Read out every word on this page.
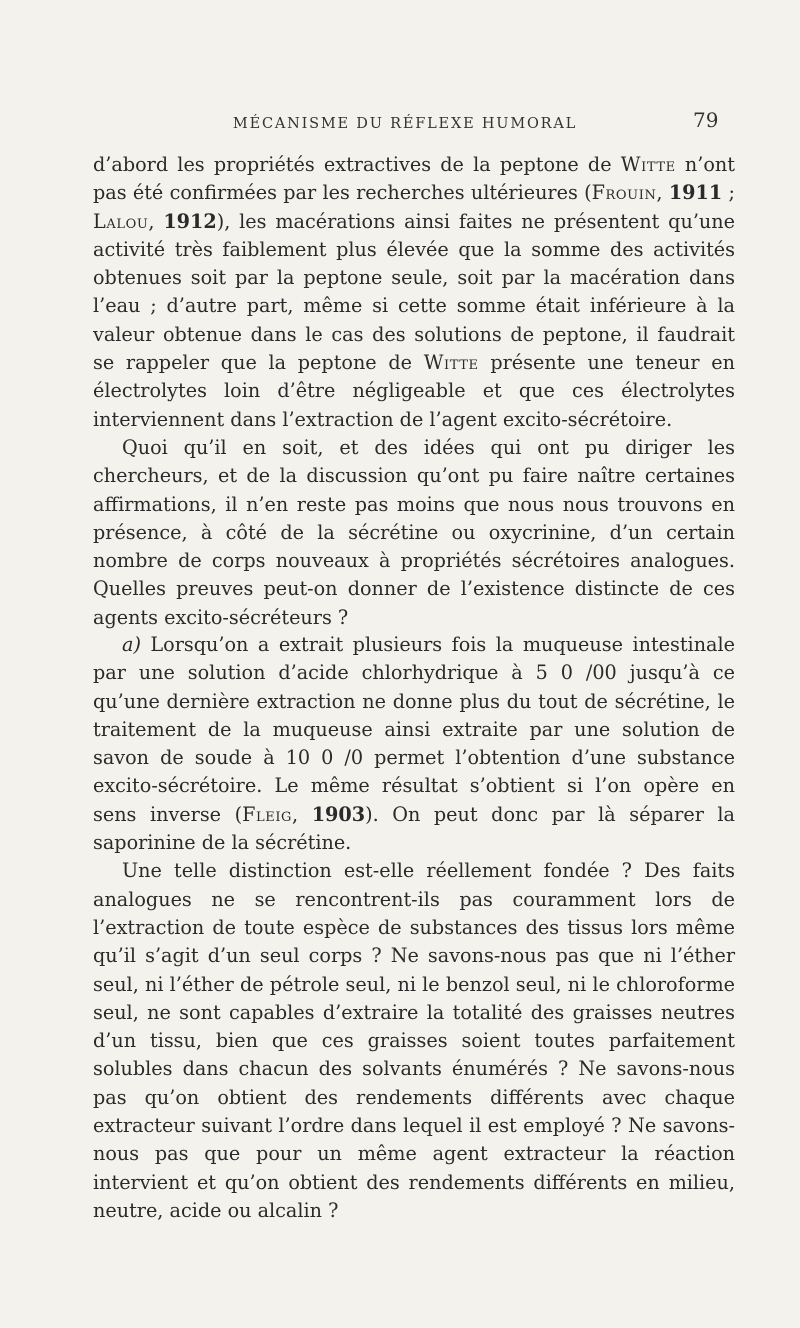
MÉCANISME DU RÉFLEXE HUMORAL	79

d’abord les propriétés extractives de la peptone de Witte n’ont pas été confirmées par les recherches ultérieures (Frouin, 1911 ; Lalou, 1912), les macérations ainsi faites ne présentent qu’une activité très faiblement plus élevée que la somme des activités obtenues soit par la peptone seule, soit par la macération dans l’eau ; d’autre part, même si cette somme était inférieure à la valeur obtenue dans le cas des solutions de peptone, il faudrait se rappeler que la peptone de Witte présente une teneur en électrolytes loin d’être négligeable et que ces électrolytes interviennent dans l’extraction de l’agent excito-sécrétoire.

Quoi qu’il en soit, et des idées qui ont pu diriger les chercheurs, et de la discussion qu’ont pu faire naître certaines affirmations, il n’en reste pas moins que nous nous trouvons en présence, à côté de la sécrétine ou oxycrinine, d’un certain nombre de corps nouveaux à propriétés sécrétoires analogues. Quelles preuves peut-on donner de l’existence distincte de ces agents excito-sécréteurs ?

a) Lorsqu’on a extrait plusieurs fois la muqueuse intestinale par une solution d’acide chlorhydrique à 5 0 /00 jusqu’à ce qu’une dernière extraction ne donne plus du tout de sécrétine, le traitement de la muqueuse ainsi extraite par une solution de savon de soude à 10 0 /0 permet l’obtention d’une substance excito-sécrétoire. Le même résultat s’obtient si l’on opère en sens inverse (Fleig, 1903). On peut donc par là séparer la saporinine de la sécrétine.

Une telle distinction est-elle réellement fondée ? Des faits analogues ne se rencontrent-ils pas couramment lors de l’extraction de toute espèce de substances des tissus lors même qu’il s’agit d’un seul corps ? Ne savons-nous pas que ni l’éther seul, ni l’éther de pétrole seul, ni le benzol seul, ni le chloroforme seul, ne sont capables d’extraire la totalité des graisses neutres d’un tissu, bien que ces graisses soient toutes parfaitement solubles dans chacun des solvants énumérés ? Ne savons-nous pas qu’on obtient des rendements différents avec chaque extracteur suivant l’ordre dans lequel il est employé ? Ne savons-nous pas que pour un même agent extracteur la réaction intervient et qu’on obtient des rendements différents en milieu, neutre, acide ou alcalin ?
